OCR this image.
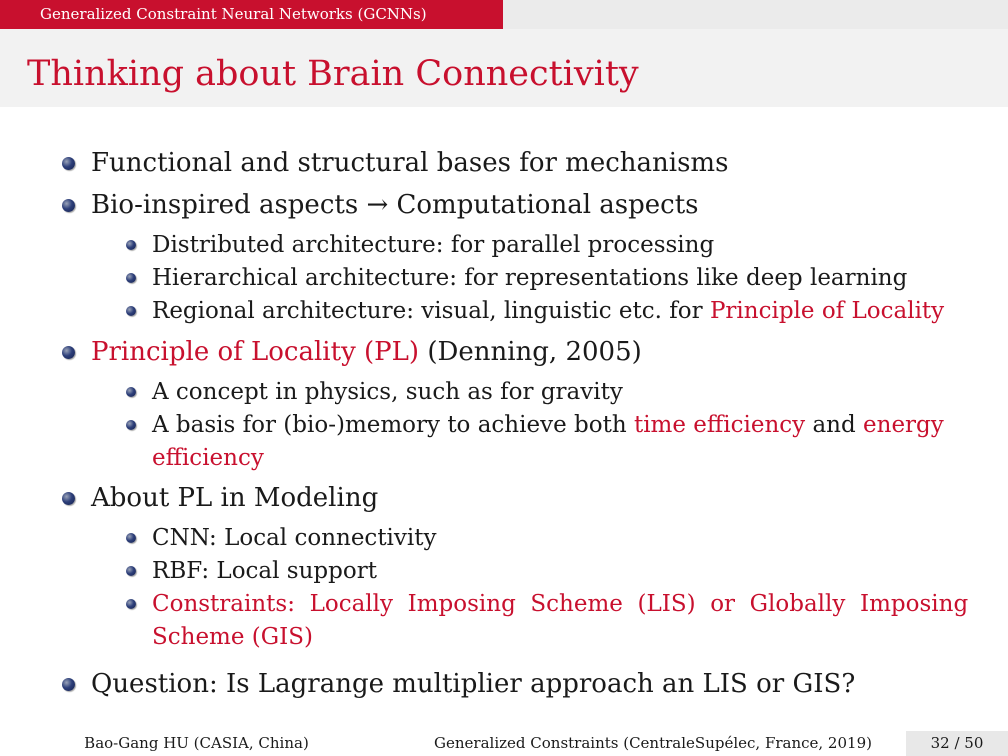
Generalized Constraint Neural Networks (GCNNs)
Thinking about Brain Connectivity
Functional and structural bases for mechanisms
Bio-inspired aspects → Computational aspects
Distributed architecture: for parallel processing
Hierarchical architecture: for representations like deep learning
Regional architecture: visual, linguistic etc. for Principle of Locality
Principle of Locality (PL) (Denning, 2005)
A concept in physics, such as for gravity
A basis for (bio-)memory to achieve both time efficiency and energy
efficiency
About PL in Modeling
CNN: Local connectivity
RBF: Local support
Constraints:  Locally  Imposing  Scheme  (LIS)  or  Globally  Imposing
Scheme (GIS)
Question: Is Lagrange multiplier approach an LIS or GIS?
Bao-Gang HU (CASIA, China)	Generalized Constraints (CentraleSupélec, France, 2019)	32 / 50
